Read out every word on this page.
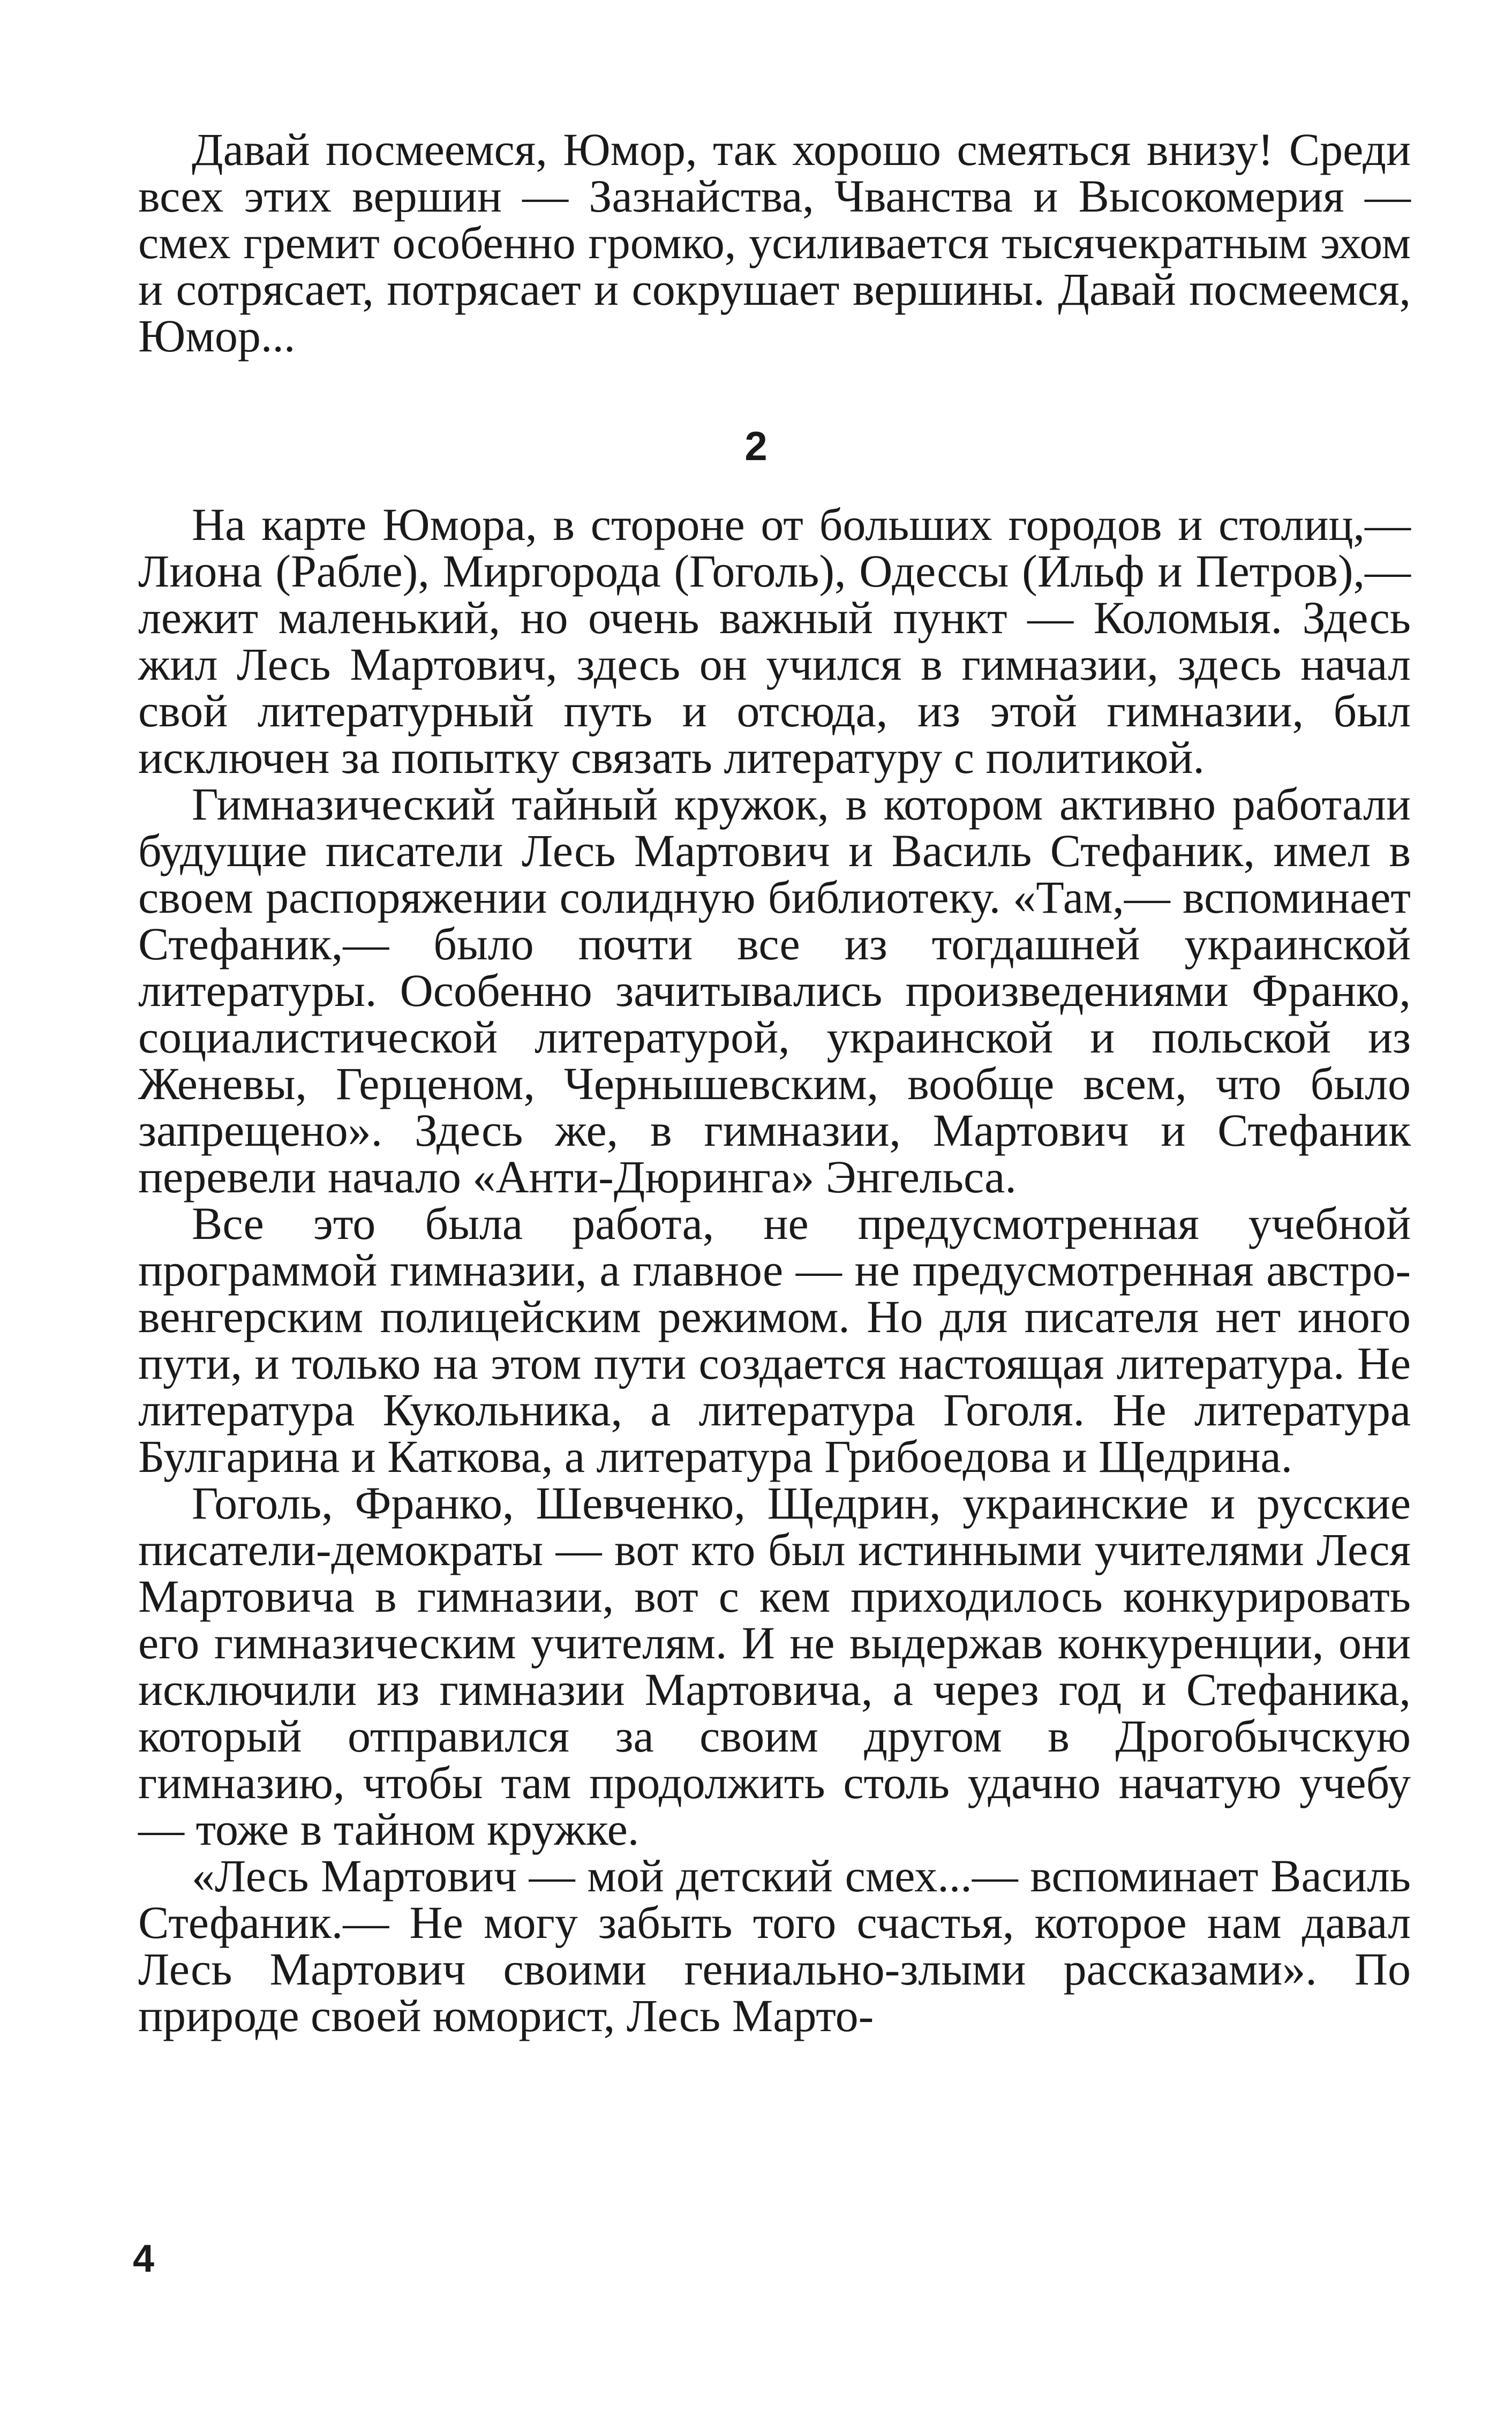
Давай посмеемся, Юмор, так хорошо смеяться внизу! Среди всех этих вершин — Зазнайства, Чванства и Высокомерия — смех гремит особенно громко, усиливается тысячекратным эхом и сотрясает, потрясает и сокрушает вершины. Давай посмеемся, Юмор...

2

На карте Юмора, в стороне от больших городов и столиц,— Лиона (Рабле), Миргорода (Гоголь), Одессы (Ильф и Петров),— лежит маленький, но очень важный пункт — Коломыя. Здесь жил Лесь Мартович, здесь он учился в гимназии, здесь начал свой литературный путь и отсюда, из этой гимназии, был исключен за попытку связать литературу с политикой.

Гимназический тайный кружок, в котором активно работали будущие писатели Лесь Мартович и Василь Стефаник, имел в своем распоряжении солидную библиотеку. «Там,— вспоминает Стефаник,— было почти все из тогдашней украинской литературы. Особенно зачитывались произведениями Франко, социалистической литературой, украинской и польской из Женевы, Герценом, Чернышевским, вообще всем, что было запрещено». Здесь же, в гимназии, Мартович и Стефаник перевели начало «Анти-Дюринга» Энгельса.

Все это была работа, не предусмотренная учебной программой гимназии, а главное — не предусмотренная австро-венгерским полицейским режимом. Но для писателя нет иного пути, и только на этом пути создается настоящая литература. Не литература Кукольника, а литература Гоголя. Не литература Булгарина и Каткова, а литература Грибоедова и Щедрина.

Гоголь, Франко, Шевченко, Щедрин, украинские и русские писатели-демократы — вот кто был истинными учителями Леся Мартовича в гимназии, вот с кем приходилось конкурировать его гимназическим учителям. И не выдержав конкуренции, они исключили из гимназии Мартовича, а через год и Стефаника, который отправился за своим другом в Дрогобычскую гимназию, чтобы там продолжить столь удачно начатую учебу — тоже в тайном кружке.

«Лесь Мартович — мой детский смех...— вспоминает Василь Стефаник.— Не могу забыть того счастья, которое нам давал Лесь Мартович своими гениально-злыми рассказами». По природе своей юморист, Лесь Марто-

4
